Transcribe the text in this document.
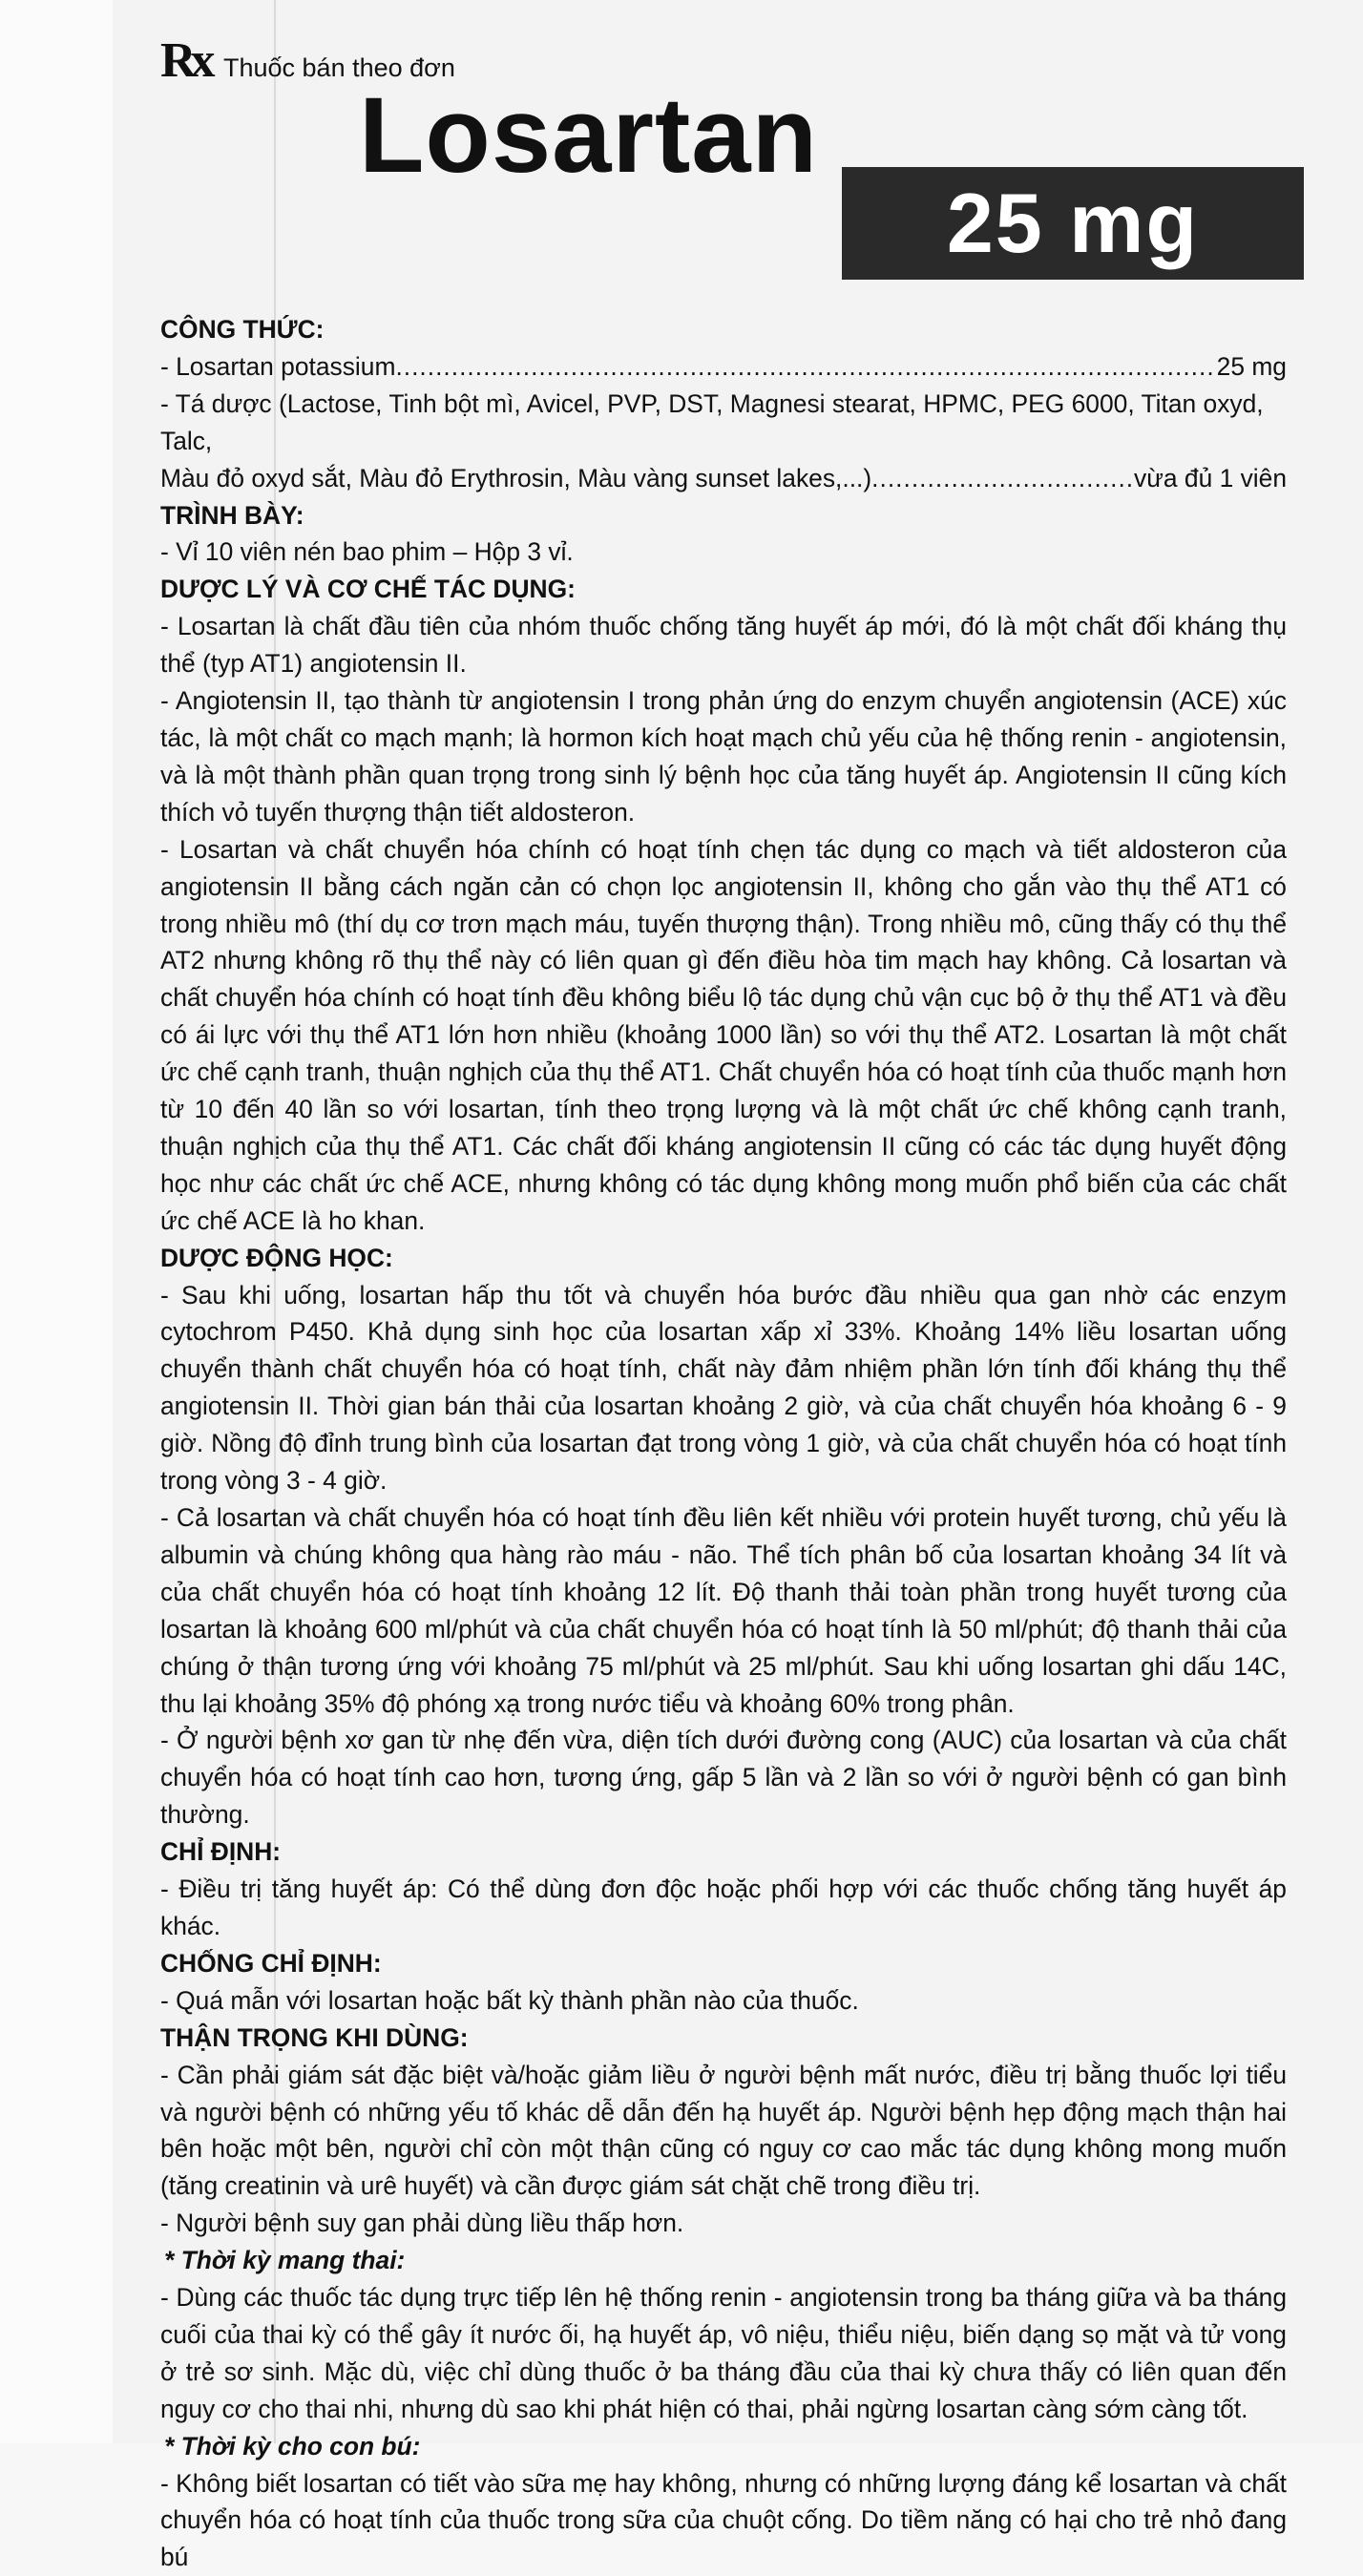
Rx Thuốc bán theo đơn
Losartan
25 mg

CÔNG THỨC:

- Losartan potassium .....	25 mg

- Tá dược (Lactose, Tinh bột mì, Avicel, PVP, DST, Magnesi stearat, HPMC, PEG 6000, Titan oxyd, Talc,

Màu đỏ oxyd sắt, Màu đỏ Erythrosin, Màu vàng sunset lakes,...) .....	vừa đủ 1 viên

TRÌNH BÀY:

- Vỉ 10 viên nén bao phim – Hộp 3 vỉ.

DƯỢC LÝ VÀ CƠ CHẾ TÁC DỤNG:

- Losartan là chất đầu tiên của nhóm thuốc chống tăng huyết áp mới, đó là một chất đối kháng thụ thể (typ AT1) angiotensin II.

- Angiotensin II, tạo thành từ angiotensin I trong phản ứng do enzym chuyển angiotensin (ACE) xúc tác, là một chất co mạch mạnh; là hormon kích hoạt mạch chủ yếu của hệ thống renin - angiotensin, và là một thành phần quan trọng trong sinh lý bệnh học của tăng huyết áp. Angiotensin II cũng kích thích vỏ tuyến thượng thận tiết aldosteron.

- Losartan và chất chuyển hóa chính có hoạt tính chẹn tác dụng co mạch và tiết aldosteron của angiotensin II bằng cách ngăn cản có chọn lọc angiotensin II, không cho gắn vào thụ thể AT1 có trong nhiều mô (thí dụ cơ trơn mạch máu, tuyến thượng thận). Trong nhiều mô, cũng thấy có thụ thể AT2 nhưng không rõ thụ thể này có liên quan gì đến điều hòa tim mạch hay không. Cả losartan và chất chuyển hóa chính có hoạt tính đều không biểu lộ tác dụng chủ vận cục bộ ở thụ thể AT1 và đều có ái lực với thụ thể AT1 lớn hơn nhiều (khoảng 1000 lần) so với thụ thể AT2. Losartan là một chất ức chế cạnh tranh, thuận nghịch của thụ thể AT1. Chất chuyển hóa có hoạt tính của thuốc mạnh hơn từ 10 đến 40 lần so với losartan, tính theo trọng lượng và là một chất ức chế không cạnh tranh, thuận nghịch của thụ thể AT1. Các chất đối kháng angiotensin II cũng có các tác dụng huyết động học như các chất ức chế ACE, nhưng không có tác dụng không mong muốn phổ biến của các chất ức chế ACE là ho khan.

DƯỢC ĐỘNG HỌC:

- Sau khi uống, losartan hấp thu tốt và chuyển hóa bước đầu nhiều qua gan nhờ các enzym cytochrom P450. Khả dụng sinh học của losartan xấp xỉ 33%. Khoảng 14% liều losartan uống chuyển thành chất chuyển hóa có hoạt tính, chất này đảm nhiệm phần lớn tính đối kháng thụ thể angiotensin II. Thời gian bán thải của losartan khoảng 2 giờ, và của chất chuyển hóa khoảng 6 - 9 giờ. Nồng độ đỉnh trung bình của losartan đạt trong vòng 1 giờ, và của chất chuyển hóa có hoạt tính trong vòng 3 - 4 giờ.

- Cả losartan và chất chuyển hóa có hoạt tính đều liên kết nhiều với protein huyết tương, chủ yếu là albumin và chúng không qua hàng rào máu - não. Thể tích phân bố của losartan khoảng 34 lít và của chất chuyển hóa có hoạt tính khoảng 12 lít. Độ thanh thải toàn phần trong huyết tương của losartan là khoảng 600 ml/phút và của chất chuyển hóa có hoạt tính là 50 ml/phút; độ thanh thải của chúng ở thận tương ứng với khoảng 75 ml/phút và 25 ml/phút. Sau khi uống losartan ghi dấu 14C, thu lại khoảng 35% độ phóng xạ trong nước tiểu và khoảng 60% trong phân.

- Ở người bệnh xơ gan từ nhẹ đến vừa, diện tích dưới đường cong (AUC) của losartan và của chất chuyển hóa có hoạt tính cao hơn, tương ứng, gấp 5 lần và 2 lần so với ở người bệnh có gan bình thường.

CHỈ ĐỊNH:

- Điều trị tăng huyết áp: Có thể dùng đơn độc hoặc phối hợp với các thuốc chống tăng huyết áp khác.

CHỐNG CHỈ ĐỊNH:

- Quá mẫn với losartan hoặc bất kỳ thành phần nào của thuốc.

THẬN TRỌNG KHI DÙNG:

- Cần phải giám sát đặc biệt và/hoặc giảm liều ở người bệnh mất nước, điều trị bằng thuốc lợi tiểu và người bệnh có những yếu tố khác dễ dẫn đến hạ huyết áp. Người bệnh hẹp động mạch thận hai bên hoặc một bên, người chỉ còn một thận cũng có nguy cơ cao mắc tác dụng không mong muốn (tăng creatinin và urê huyết) và cần được giám sát chặt chẽ trong điều trị.

- Người bệnh suy gan phải dùng liều thấp hơn.

* Thời kỳ mang thai:

- Dùng các thuốc tác dụng trực tiếp lên hệ thống renin - angiotensin trong ba tháng giữa và ba tháng cuối của thai kỳ có thể gây ít nước ối, hạ huyết áp, vô niệu, thiểu niệu, biến dạng sọ mặt và tử vong ở trẻ sơ sinh. Mặc dù, việc chỉ dùng thuốc ở ba tháng đầu của thai kỳ chưa thấy có liên quan đến nguy cơ cho thai nhi, nhưng dù sao khi phát hiện có thai, phải ngừng losartan càng sớm càng tốt.

* Thời kỳ cho con bú:

- Không biết losartan có tiết vào sữa mẹ hay không, nhưng có những lượng đáng kể losartan và chất chuyển hóa có hoạt tính của thuốc trong sữa của chuột cống. Do tiềm năng có hại cho trẻ nhỏ đang bú
